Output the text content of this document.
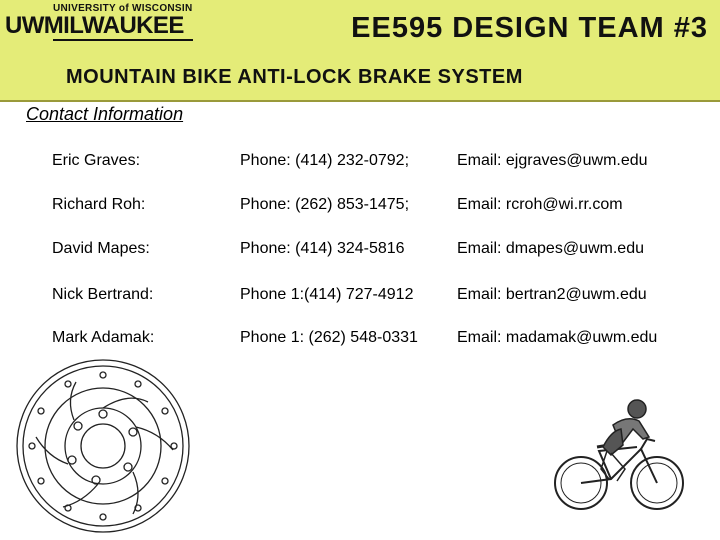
UNIVERSITY of WISCONSIN
UWMILWAUKEE	EE595 DESIGN TEAM #3
MOUNTAIN BIKE ANTI-LOCK BRAKE SYSTEM
Contact Information
Eric Graves:	Phone: (414) 232-0792;	Email: ejgraves@uwm.edu
Richard Roh:	Phone: (262) 853-1475;	Email: rcroh@wi.rr.com
David Mapes:	Phone: (414) 324-5816	Email: dmapes@uwm.edu
Nick Bertrand:	Phone 1:(414) 727-4912	Email: bertran2@uwm.edu
Mark Adamak:	Phone 1: (262) 548-0331 Email: madamak@uwm.edu
